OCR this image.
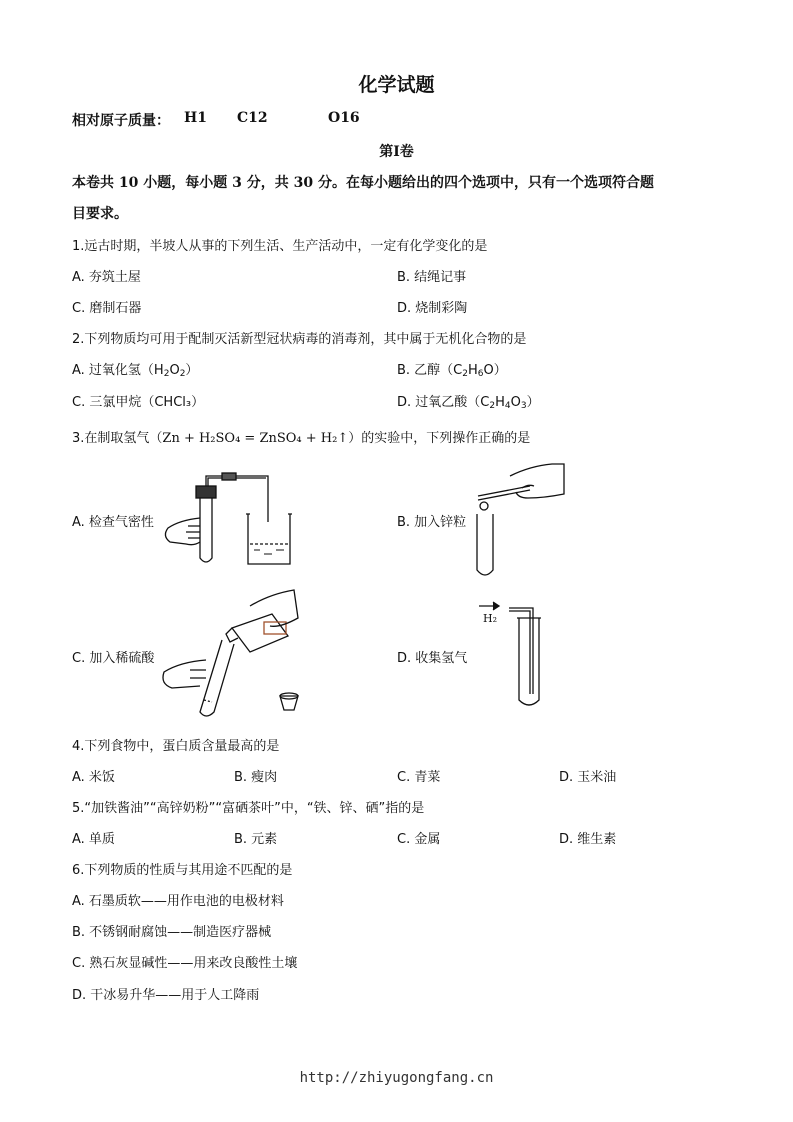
化学试题
相对原子质量： H1 C12	O16
第Ⅰ卷
本卷共 10 小题，每小题 3 分，共 30 分。在每小题给出的四个选项中，只有一个选项符合题
目要求。
1.远古时期，半坡人从事的下列生活、生产活动中，一定有化学变化的是
A. 夯筑土屋	B. 结绳记事
C. 磨制石器	D. 烧制彩陶
2.下列物质均可用于配制灭活新型冠状病毒的消毒剂，其中属于无机化合物的是
A. 过氧化氢$(H_2O_2)$	B. 乙醇$(C_2H_6O)$
C. 三氯甲烷（CHCl₃）	D. 过氧乙酸$(C_2H_4O_3)$
3.在制取氢气（Zn + H₂SO₄ = ZnSO₄ + H₂↑）的实验中，下列操作正确的是
A. 检查气密性	B. 加入锌粒
C. 加入稀硫酸	D. 收集氢气
H₂
4.下列食物中，蛋白质含量最高的是
A. 米饭	B. 瘦肉	C. 青菜	D. 玉米油
5.“加铁酱油”“高锌奶粉”“富硒茶叶”中，“铁、锌、硒”指的是
A. 单质	B. 元素	C. 金属	D. 维生素
6.下列物质的性质与其用途不匹配的是
A. 石墨质软——用作电池的电极材料
B. 不锈钢耐腐蚀——制造医疗器械
C. 熟石灰显碱性——用来改良酸性土壤
D. 干冰易升华——用于人工降雨
http://zhiyugongfang.cn
